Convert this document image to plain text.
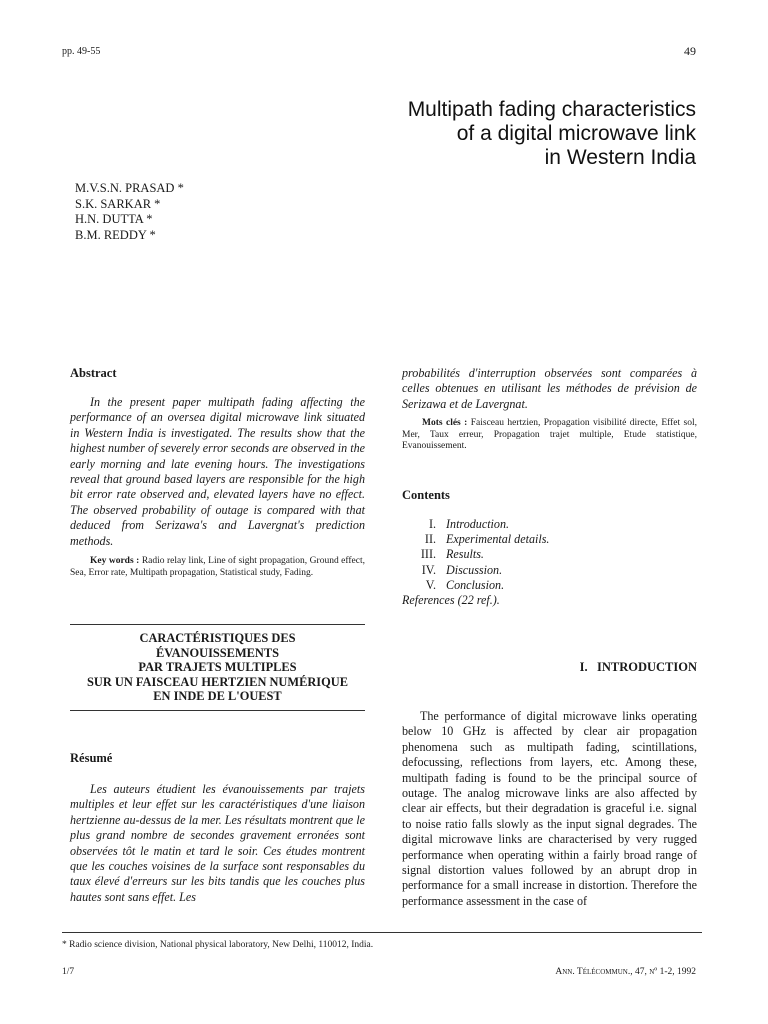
pp. 49-55	49
Multipath fading characteristics
of a digital microwave link
in Western India
M.V.S.N. PRASAD *
S.K. SARKAR *
H.N. DUTTA *
B.M. REDDY *
Abstract
In the present paper multipath fading affecting the performance of an oversea digital microwave link situated in Western India is investigated. The results show that the highest number of severely error seconds are observed in the early morning and late evening hours. The investigations reveal that ground based layers are responsible for the high bit error rate observed and, elevated layers have no effect. The observed probability of outage is compared with that deduced from Serizawa's and Lavergnat's prediction methods.
Key words : Radio relay link, Line of sight propagation, Ground effect, Sea, Error rate, Multipath propagation, Statistical study, Fading.
CARACTÉRISTIQUES DES
ÉVANOUISSEMENTS
PAR TRAJETS MULTIPLES
SUR UN FAISCEAU HERTZIEN NUMÉRIQUE
EN INDE DE L'OUEST
Résumé
Les auteurs étudient les évanouissements par trajets multiples et leur effet sur les caractéristiques d'une liaison hertzienne au-dessus de la mer. Les résultats montrent que le plus grand nombre de secondes gravement erronées sont observées tôt le matin et tard le soir. Ces études montrent que les couches voisines de la surface sont responsables du taux élevé d'erreurs sur les bits tandis que les couches plus hautes sont sans effet. Les
probabilités d'interruption observées sont comparées à celles obtenues en utilisant les méthodes de prévision de Serizawa et de Lavergnat.
Mots clés : Faisceau hertzien, Propagation visibilité directe, Effet sol, Mer, Taux erreur, Propagation trajet multiple, Etude statistique, Evanouissement.
Contents
I. Introduction.
II. Experimental details.
III. Results.
IV. Discussion.
V. Conclusion.
References (22 ref.).
I.   INTRODUCTION
The performance of digital microwave links operating below 10 GHz is affected by clear air propagation phenomena such as multipath fading, scintillations, defocussing, reflections from layers, etc. Among these, multipath fading is found to be the principal source of outage. The analog microwave links are also affected by clear air effects, but their degradation is graceful i.e. signal to noise ratio falls slowly as the input signal degrades. The digital microwave links are characterised by very rugged performance when operating within a fairly broad range of signal distortion values followed by an abrupt drop in performance for a small increase in distortion. Therefore the performance assessment in the case of
* Radio science division, National physical laboratory, New Delhi, 110012, India.
1/7	Ann. Télécommun., 47, nº 1-2, 1992
